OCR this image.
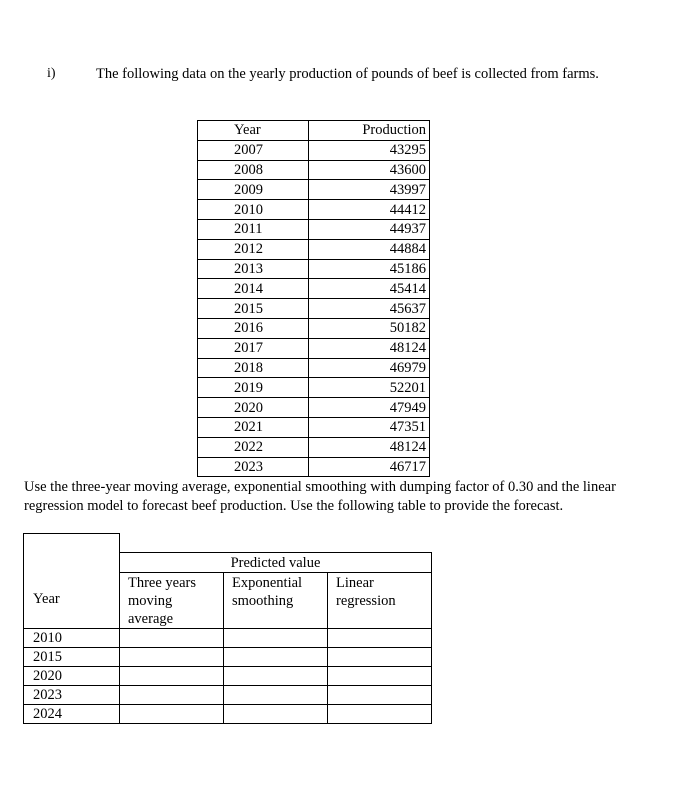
i)	The following data on the yearly production of pounds of beef is collected from farms.
Year	Production
2007	43295
2008	43600
2009	43997
2010	44412
2011	44937
2012	44884
2013	45186
2014	45414
2015	45637
2016	50182
2017	48124
2018	46979
2019	52201
2020	47949
2021	47351
2022	48124
2023	46717
Use the three-year moving average, exponential smoothing with dumping factor of 0.30 and the linear regression model to forecast beef production. Use the following table to provide the forecast.

Year	Predicted value		
	Three years moving average	Exponential smoothing	Linear regression
2010			
2015			
2020			
2023			
2024			
